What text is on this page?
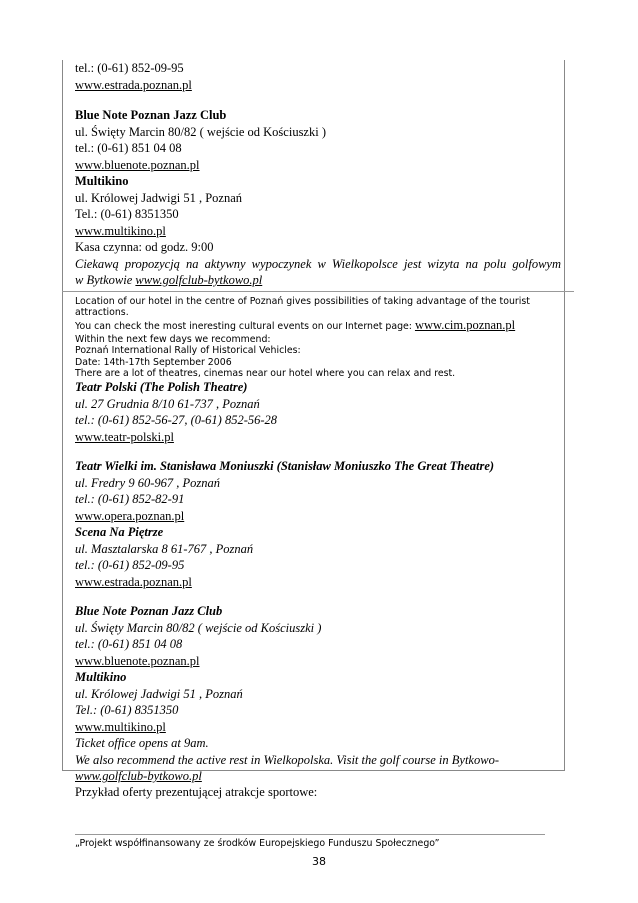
tel.: (0-61) 852-09-95
www.estrada.poznan.pl
Blue Note Poznan Jazz Club
ul. Święty Marcin 80/82 ( wejście od Kościuszki )
tel.: (0-61) 851 04 08
www.bluenote.poznan.pl
Multikino
ul. Królowej Jadwigi 51 , Poznań
Tel.: (0-61) 8351350
www.multikino.pl
Kasa czynna: od godz. 9:00
Ciekawą propozycją na aktywny wypoczynek w Wielkopolsce jest wizyta na polu golfowym
w Bytkowie www.golfclub-bytkowo.pl
Location of our hotel in the centre of Poznań gives possibilities of taking advantage of the tourist
attractions.
You can check the most ineresting cultural events on our Internet page: www.cim.poznan.pl
Within the next few days we recommend:
Poznań International Rally of Historical Vehicles:
Date: 14th-17th September 2006
There are a lot of theatres, cinemas near our hotel where you can relax and rest.
Teatr Polski (The Polish Theatre)
ul. 27 Grudnia 8/10 61-737 , Poznań
tel.: (0-61) 852-56-27, (0-61) 852-56-28
www.teatr-polski.pl
Teatr Wielki im. Stanisława Moniuszki (Stanisław Moniuszko The Great Theatre)
ul. Fredry 9 60-967 , Poznań
tel.: (0-61) 852-82-91
www.opera.poznan.pl
Scena Na Piętrze
ul. Masztalarska 8 61-767 , Poznań
tel.: (0-61) 852-09-95
www.estrada.poznan.pl
Blue Note Poznan Jazz Club
ul. Święty Marcin 80/82 ( wejście od Kościuszki )
tel.: (0-61) 851 04 08
www.bluenote.poznan.pl
Multikino
ul. Królowej Jadwigi 51 , Poznań
Tel.: (0-61) 8351350
www.multikino.pl
Ticket office opens at 9am.
We also recommend the active rest in Wielkopolska. Visit the golf course in Bytkowo-
www.golfclub-bytkowo.pl
Przykład oferty prezentującej atrakcje sportowe:
„Projekt współfinansowany ze środków Europejskiego Funduszu Społecznego”
38
